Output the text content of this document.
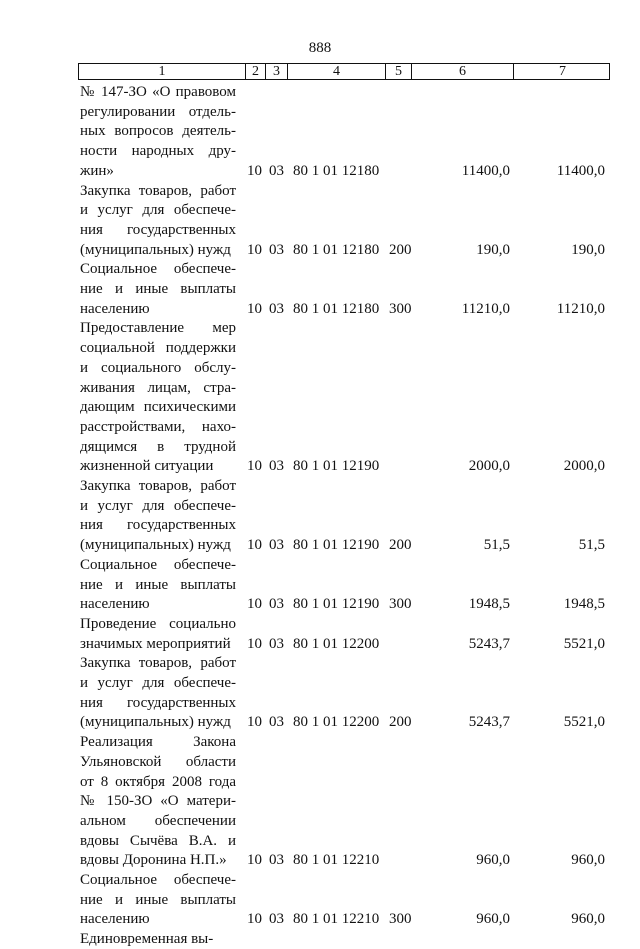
888
1	2	3	4	5	6	7
№ 147-ЗО «О правовом
регулировании отдель-
ных вопросов деятель-
ности народных дру-
жин»	10 03 80 1 01 12180	11400,0	11400,0
Закупка товаров, работ
и услуг для обеспече-
ния государственных
(муниципальных) нужд	10 03 80 1 01 12180 200	190,0	190,0
Социальное обеспече-
ние и иные выплаты
населению	10 03 80 1 01 12180 300	11210,0	11210,0
Предоставление мер
социальной поддержки
и социального обслу-
живания лицам, стра-
дающим психическими
расстройствами, нахо-
дящимся в трудной
жизненной ситуации	10 03 80 1 01 12190	2000,0	2000,0
Закупка товаров, работ
и услуг для обеспече-
ния государственных
(муниципальных) нужд	10 03 80 1 01 12190 200	51,5	51,5
Социальное обеспече-
ние и иные выплаты
населению	10 03 80 1 01 12190 300	1948,5	1948,5
Проведение социально
значимых мероприятий	10 03 80 1 01 12200	5243,7	5521,0
Закупка товаров, работ
и услуг для обеспече-
ния государственных
(муниципальных) нужд	10 03 80 1 01 12200 200	5243,7	5521,0
Реализация Закона
Ульяновской области
от 8 октября 2008 года
№ 150-ЗО «О матери-
альном обеспечении
вдовы Сычёва В.А. и
вдовы Доронина Н.П.»	10 03 80 1 01 12210	960,0	960,0
Социальное обеспече-
ние и иные выплаты
населению	10 03 80 1 01 12210 300	960,0	960,0
Единовременная вы-
